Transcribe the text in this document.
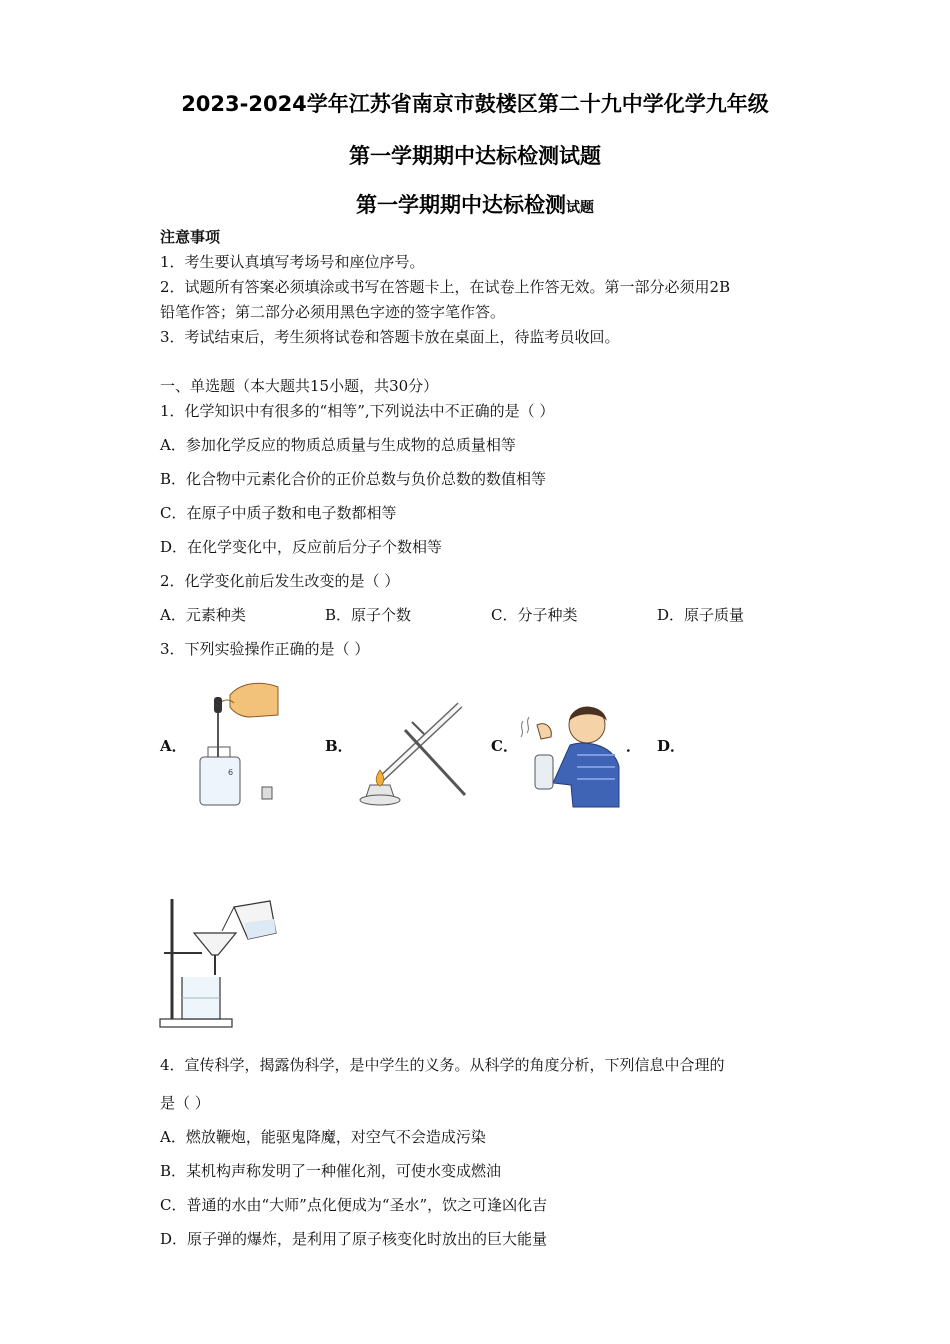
2023-2024学年江苏省南京市鼓楼区第二十九中学化学九年级
第一学期期中达标检测试题
第一学期期中达标检测试题
注意事项
1．考生要认真填写考场号和座位序号。
2．试题所有答案必须填涂或书写在答题卡上，在试卷上作答无效。第一部分必须用2B
铅笔作答；第二部分必须用黑色字迹的签字笔作答。
3．考试结束后，考生须将试卷和答题卡放在桌面上，待监考员收回。
一、单选题（本大题共15小题，共30分）
1．化学知识中有很多的“相等”,下列说法中不正确的是（ ）
A．参加化学反应的物质总质量与生成物的总质量相等
B．化合物中元素化合价的正价总数与负价总数的数值相等
C．在原子中质子数和电子数都相等
D．在化学变化中，反应前后分子个数相等
2．化学变化前后发生改变的是（ ）
A．元素种类	B．原子个数	C．分子种类	D．原子质量
3．下列实验操作正确的是（ ）
A．
6
B．	C．	． D．
4．宣传科学，揭露伪科学，是中学生的义务。从科学的角度分析，下列信息中合理的
是（ ）
A．燃放鞭炮，能驱鬼降魔，对空气不会造成污染
B．某机构声称发明了一种催化剂，可使水变成燃油
C．普通的水由“大师”点化便成为“圣水”，饮之可逢凶化吉
D．原子弹的爆炸，是利用了原子核变化时放出的巨大能量
